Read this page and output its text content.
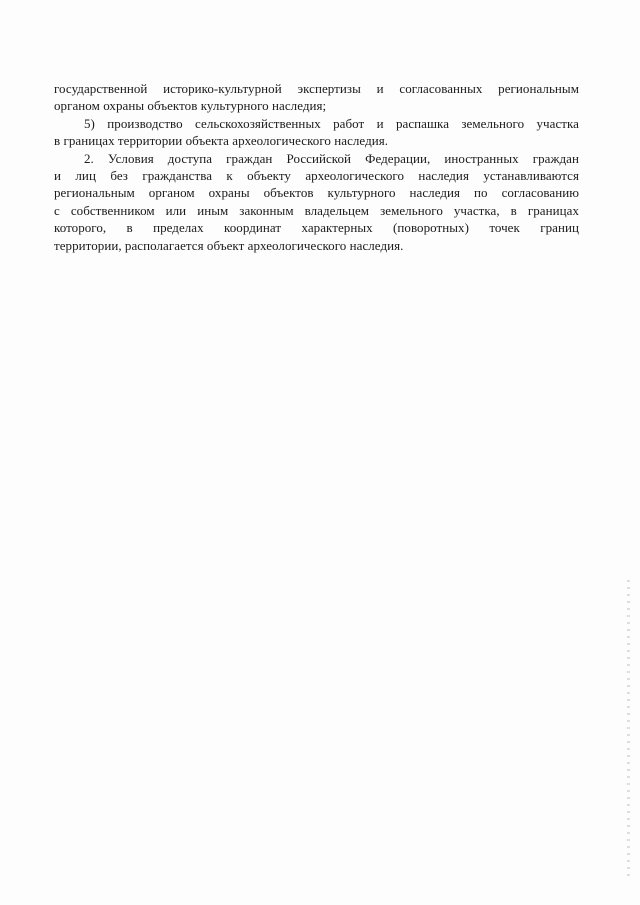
государственной историко-культурной экспертизы и согласованных региональным
органом охраны объектов культурного наследия;

5) производство сельскохозяйственных работ и распашка земельного участка
в границах территории объекта археологического наследия.

2. Условия доступа граждан Российской Федерации, иностранных граждан
и лиц без гражданства к объекту археологического наследия устанавливаются
региональным органом охраны объектов культурного наследия по согласованию
с собственником или иным законным владельцем земельного участка, в границах
которого, в пределах координат характерных (поворотных) точек границ
территории, располагается объект археологического наследия.
